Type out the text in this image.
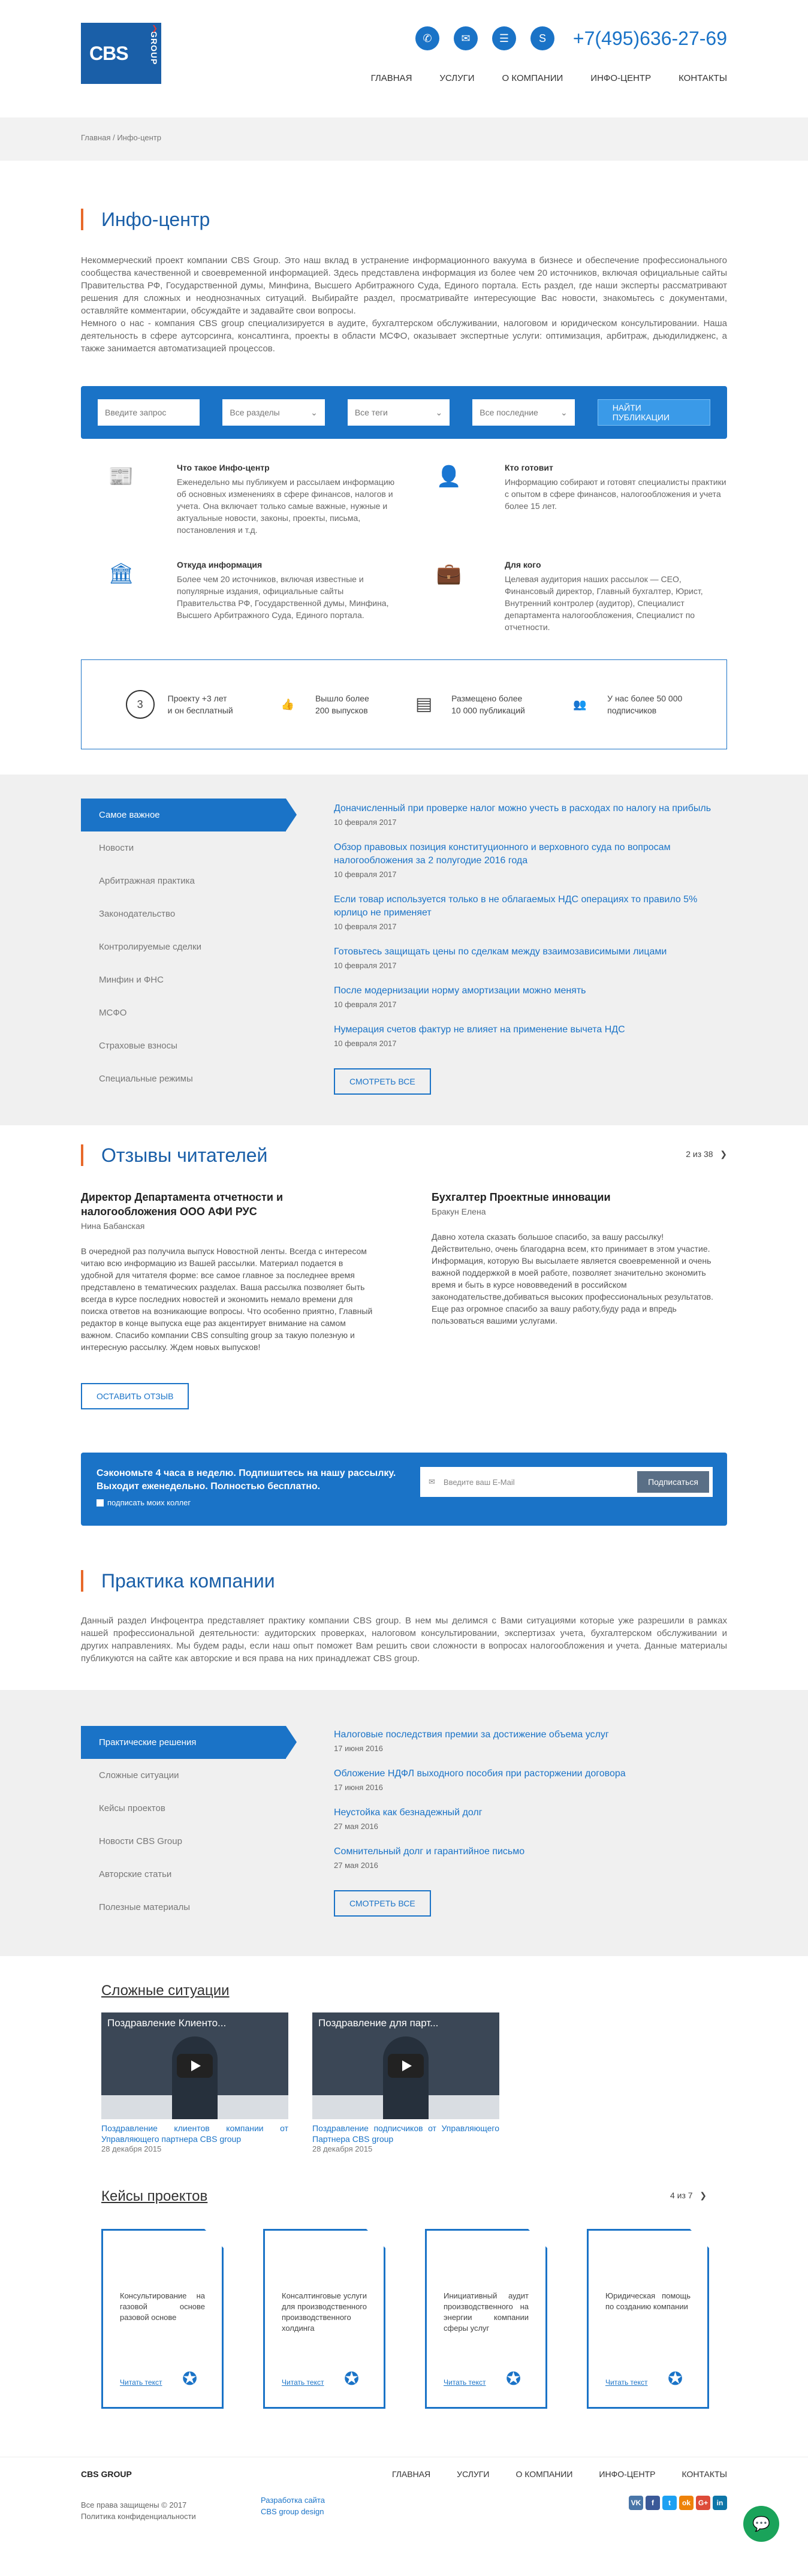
CBS	GROUP
❯
✆	✉	☰	S	+7(495)636-27-69
ГЛАВНАЯ	УСЛУГИ	О КОМПАНИИ	ИНФО-ЦЕНТР	КОНТАКТЫ
Главная / Инфо-центр
Инфо-центр

Некоммерческий проект компании CBS Group. Это наш вклад в устранение информационного вакуума в бизнесе и обеспечение профессионального сообщества качественной и своевременной информацией. Здесь представлена информация из более чем 20 источников, включая официальные сайты Правительства РФ, Государственной думы, Минфина, Высшего Арбитражного Суда, Единого портала. Есть раздел, где наши эксперты рассматривают решения для сложных и неоднозначных ситуаций. Выбирайте раздел, просматривайте интересующие Вас новости, знакомьтесь с документами, оставляйте комментарии, обсуждайте и задавайте свои вопросы.

Немного о нас - компания CBS group специализируется в аудите, бухгалтерском обслуживании, налоговом и юридическом консультировании. Наша деятельность в сфере аутсорсинга, консалтинга, проекты в области МСФО, оказывает экспертные услуги: оптимизация, арбитраж, дьюдилидженс, а также занимается автоматизацией процессов.

Введите запрос	Все разделы	⌄	Все теги	⌄	Все последние	⌄	НАЙТИ ПУБЛИКАЦИИ
📰	Что такое Инфо-центр
Еженедельно мы публикуем и рассылаем информацию об основных изменениях в сфере финансов, налогов и учета. Она включает только самые важные, нужные и актуальные новости, законы, проекты, письма, постановления и т.д.
👤	Кто готовит
Информацию собирают и готовят специалисты практики с опытом в сфере финансов, налогообложения и учета более 15 лет.
🏛	Откуда информация
Более чем 20 источников, включая известные и популярные издания, официальные сайты Правительства РФ, Государственной думы, Минфина, Высшего Арбитражного Суда, Единого портала.
💼	Для кого
Целевая аудитория наших рассылок — CEO, Финансовый директор, Главный бухгалтер, Юрист, Внутренний контролер (аудитор), Специалист департамента налогообложения, Специалист по отчетности.
3	Проекту +3 лет
и он бесплатный	👍	Вышло более
200 выпусков	▤	Размещено более
10 000 публикаций	👥	У нас более 50 000
подписчиков
Самое важное
Новости
Арбитражная практика
Законодательство
Контролируемые сделки
Минфин и ФНС
МСФО
Страховые взносы
Специальные режимы
Доначисленный при проверке налог можно учесть в расходах по налогу на прибыль
10 февраля 2017
Обзор правовых позиция конституционного и верховного суда по вопросам налогообложения за 2 полугодие 2016 года
10 февраля 2017
Если товар используется только в не облагаемых НДС операциях то правило 5% юрлицо не применяет
10 февраля 2017
Готовьтесь защищать цены по сделкам между взаимозависимыми лицами
10 февраля 2017
После модернизации норму амортизации можно менять
10 февраля 2017
Нумерация счетов фактур не влияет на применение вычета НДС
10 февраля 2017
СМОТРЕТЬ ВСЕ
Отзывы читателей	2 из 38   ❯
Директор Департамента отчетности и налогообложения ООО АФИ РУС
Нина Бабанская
В очередной раз получила выпуск Новостной ленты. Всегда с интересом читаю всю информацию из Вашей рассылки. Материал подается в удобной для читателя форме: все самое главное за последнее время представлено в тематических разделах. Ваша рассылка позволяет быть всегда в курсе последних новостей и экономить немало времени для поиска ответов на возникающие вопросы. Что особенно приятно, Главный редактор в конце выпуска еще раз акцентирует внимание на самом важном. Спасибо компании CBS consulting group за такую полезную и интересную рассылку. Ждем новых выпусков!
Бухгалтер Проектные инновации
Бракун Елена
Давно хотела сказать большое спасибо, за вашу рассылку! Действительно, очень благодарна всем, кто принимает в этом участие. Информация, которую Вы высылаете является своевременной и очень важной поддержкой в моей работе, позволяет значительно экономить время и быть в курсе нововведений в российском законодательстве,добиваться высоких профессиональных результатов. Еще раз огромное спасибо за вашу работу,буду рада и впредь пользоваться вашими услугами.
ОСТАВИТЬ ОТЗЫВ
Сэкономьте 4 часа в неделю. Подпишитесь на нашу рассылку.
Выходит еженедельно. Полностью бесплатно.
подписать моих коллег
✉ Введите ваш E-Mail	Подписаться
Практика компании

Данный раздел Инфоцентра представляет практику компании CBS group. В нем мы делимся с Вами ситуациями которые уже разрешили в рамках нашей профессиональной деятельности: аудиторских проверках, налоговом консультировании, экспертизах учета, бухгалтерском обслуживании и других направлениях. Мы будем рады, если наш опыт поможет Вам решить свои сложности в вопросах налогообложения и учета. Данные материалы публикуются на сайте как авторские и вся права на них принадлежат CBS group.

Практические решения
Сложные ситуации
Кейсы проектов
Новости CBS Group
Авторские статьи
Полезные материалы
Налоговые последствия премии за достижение объема услуг
17 июня 2016
Обложение НДФЛ выходного пособия при расторжении договора
17 июня 2016
Неустойка как безнадежный долг
27 мая 2016
Сомнительный долг и гарантийное письмо
27 мая 2016
СМОТРЕТЬ ВСЕ
Сложные ситуации
Поздравление Клиенто...
Поздравление клиентов компании от Управляющего партнера CBS group
28 декабря 2015
Поздравление для парт...
Поздравление подписчиков от Управляющего Партнера CBS group
28 декабря 2015
Кейсы проектов	4 из 7   ❯
Консультирование на газовой основе разовой основе
Читать текст ✪
Консалтинговые услуги для производственного производственного холдинга
Читать текст ✪
Инициативный аудит производственного на энергии компании сферы услуг
Читать текст ✪
Юридическая помощь по созданию компании
Читать текст ✪
CBS GROUP
Все права защищены © 2017
Политика конфиденциальности
Разработка сайта
CBS group design
ГЛАВНАЯ	УСЛУГИ	О КОМПАНИИ	ИНФО-ЦЕНТР	КОНТАКТЫ
VK	f	t	ok	G+	in
💬
